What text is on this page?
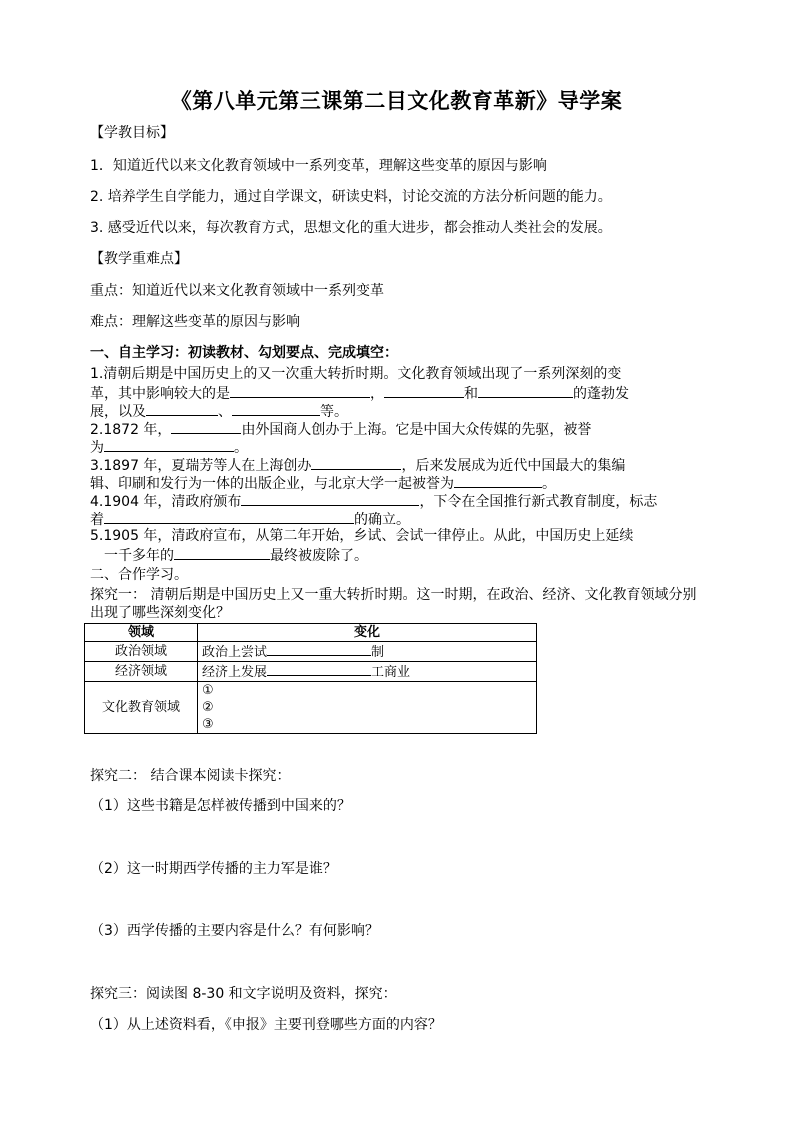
《第八单元第三课第二目文化教育革新》导学案
【学教目标】
1．知道近代以来文化教育领域中一系列变革，理解这些变革的原因与影响
2. 培养学生自学能力，通过自学课文，研读史料，讨论交流的方法分析问题的能力。
3. 感受近代以来，每次教育方式，思想文化的重大进步，都会推动人类社会的发展。
【教学重难点】
重点：知道近代以来文化教育领域中一系列变革
难点：理解这些变革的原因与影响
一、自主学习：初读教材、勾划要点、完成填空：
1.清朝后期是中国历史上的又一次重大转折时期。文化教育领域出现了一系列深刻的变
革，其中影响较大的是	，	和	的蓬勃发
展，以及	、	等。
2.1872 年，	由外国商人创办于上海。它是中国大众传媒的先驱，被誉
为	。
3.1897 年，夏瑞芳等人在上海创办	，后来发展成为近代中国最大的集编
辑、印刷和发行为一体的出版企业，与北京大学一起被誉为	。
4.1904 年，清政府颁布	，下令在全国推行新式教育制度，标志
着	的确立。
5.1905 年，清政府宣布，从第二年开始，乡试、会试一律停止。从此，中国历史上延续
一千多年的	最终被废除了。
二、合作学习。
探究一： 清朝后期是中国历史上又一重大转折时期。这一时期，在政治、经济、文化教育领域分别
出现了哪些深刻变化？
领域	变化
政治领域	政治上尝试 制
经济领域	经济上发展 工商业
文化教育领域	①
②
③
探究二： 结合课本阅读卡探究：
（1）这些书籍是怎样被传播到中国来的？
（2）这一时期西学传播的主力军是谁？
（3）西学传播的主要内容是什么？有何影响？
探究三：阅读图 8-30 和文字说明及资料，探究：
（1）从上述资料看，《申报》主要刊登哪些方面的内容？
